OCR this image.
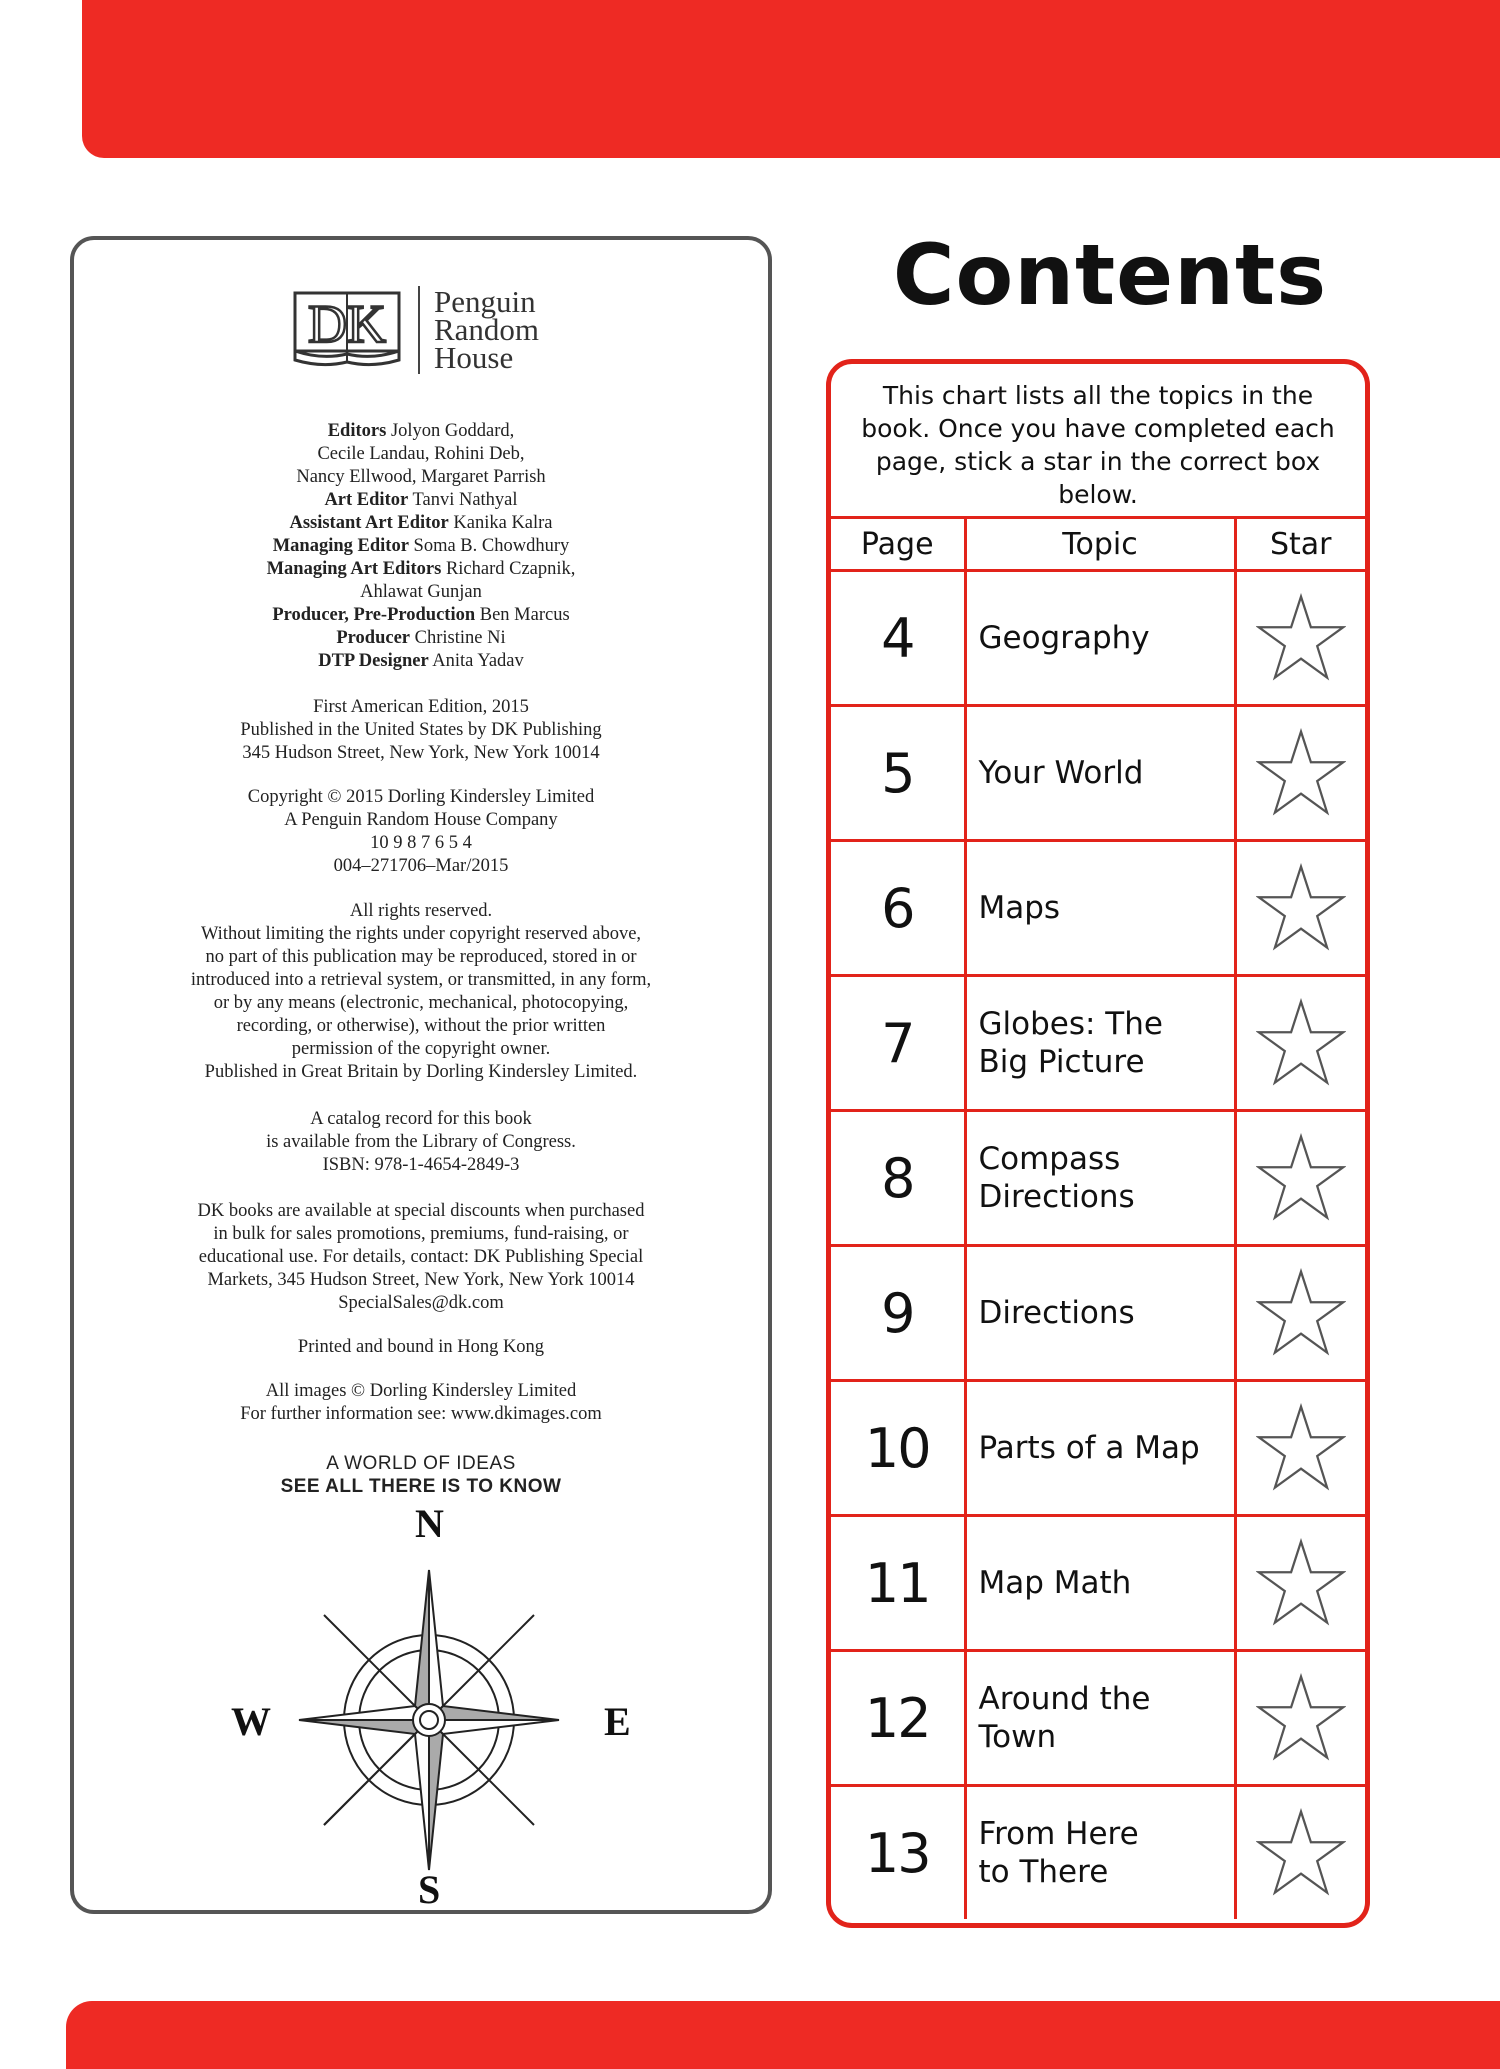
DK Penguin
Random
House

Editors Jolyon Goddard,

Cecile Landau, Rohini Deb,

Nancy Ellwood, Margaret Parrish

Art Editor Tanvi Nathyal

Assistant Art Editor Kanika Kalra

Managing Editor Soma B. Chowdhury

Managing Art Editors Richard Czapnik,

Ahlawat Gunjan

Producer, Pre-Production Ben Marcus

Producer Christine Ni

DTP Designer Anita Yadav

First American Edition, 2015

Published in the United States by DK Publishing

345 Hudson Street, New York, New York 10014

Copyright © 2015 Dorling Kindersley Limited

A Penguin Random House Company

10 9 8 7 6 5 4

004–271706–Mar/2015

All rights reserved.

Without limiting the rights under copyright reserved above,

no part of this publication may be reproduced, stored in or

introduced into a retrieval system, or transmitted, in any form,

or by any means (electronic, mechanical, photocopying,

recording, or otherwise), without the prior written

permission of the copyright owner.

Published in Great Britain by Dorling Kindersley Limited.

A catalog record for this book

is available from the Library of Congress.

ISBN: 978-1-4654-2849-3

DK books are available at special discounts when purchased

in bulk for sales promotions, premiums, fund-raising, or

educational use. For details, contact: DK Publishing Special

Markets, 345 Hudson Street, New York, New York 10014

SpecialSales@dk.com

Printed and bound in Hong Kong

All images © Dorling Kindersley Limited

For further information see: www.dkimages.com

A WORLD OF IDEAS
SEE ALL THERE IS TO KNOW
N
E
S
W
Contents
This chart lists all the topics in the book. Once you have completed each page, stick a star in the correct box below.
Page	Topic	Star
4	Geography

5	Your World

6	Maps

7	Globes: The
Big Picture

8	Compass
Directions

9	Directions

10	Parts of a Map

11	Map Math

12	Around the
Town

13	From Here
to There
